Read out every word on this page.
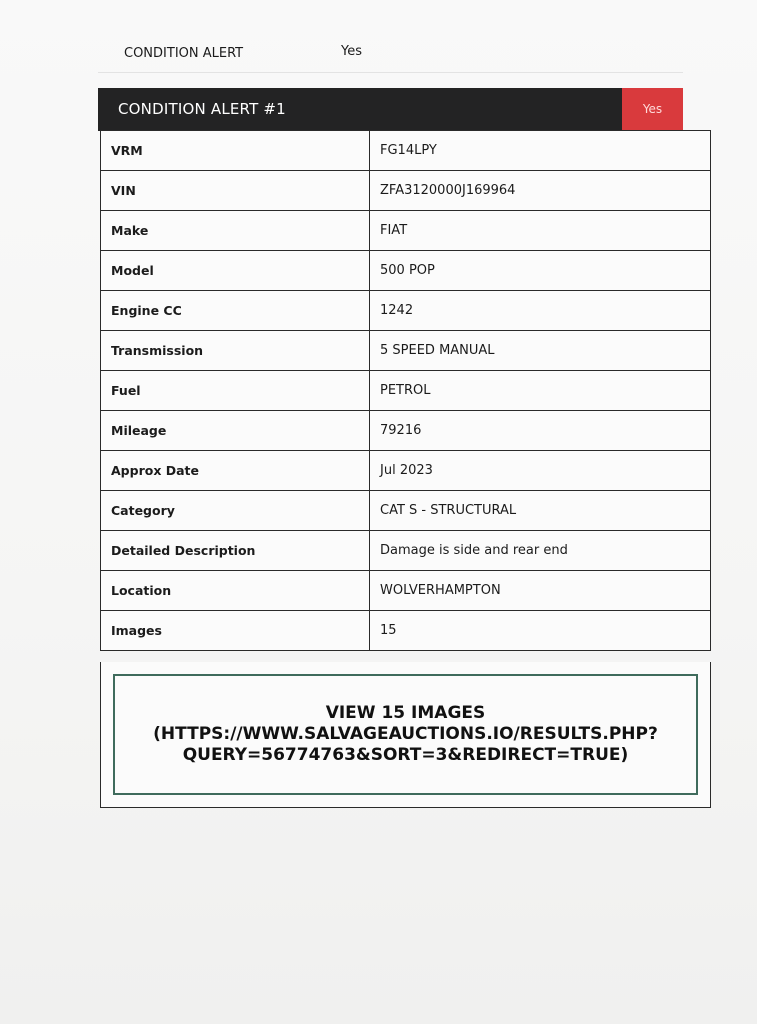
CONDITION ALERT	Yes
CONDITION ALERT #1	Yes
VRM	FG14LPY
VIN	ZFA3120000J169964
Make	FIAT
Model	500 POP
Engine CC	1242
Transmission	5 SPEED MANUAL
Fuel	PETROL
Mileage	79216
Approx Date	Jul 2023
Category	CAT S - STRUCTURAL
Detailed Description	Damage is side and rear end
Location	WOLVERHAMPTON
Images	15
VIEW 15 IMAGES
(HTTPS://WWW.SALVAGEAUCTIONS.IO/RESULTS.PHP?
QUERY=56774763&SORT=3&REDIRECT=TRUE)
